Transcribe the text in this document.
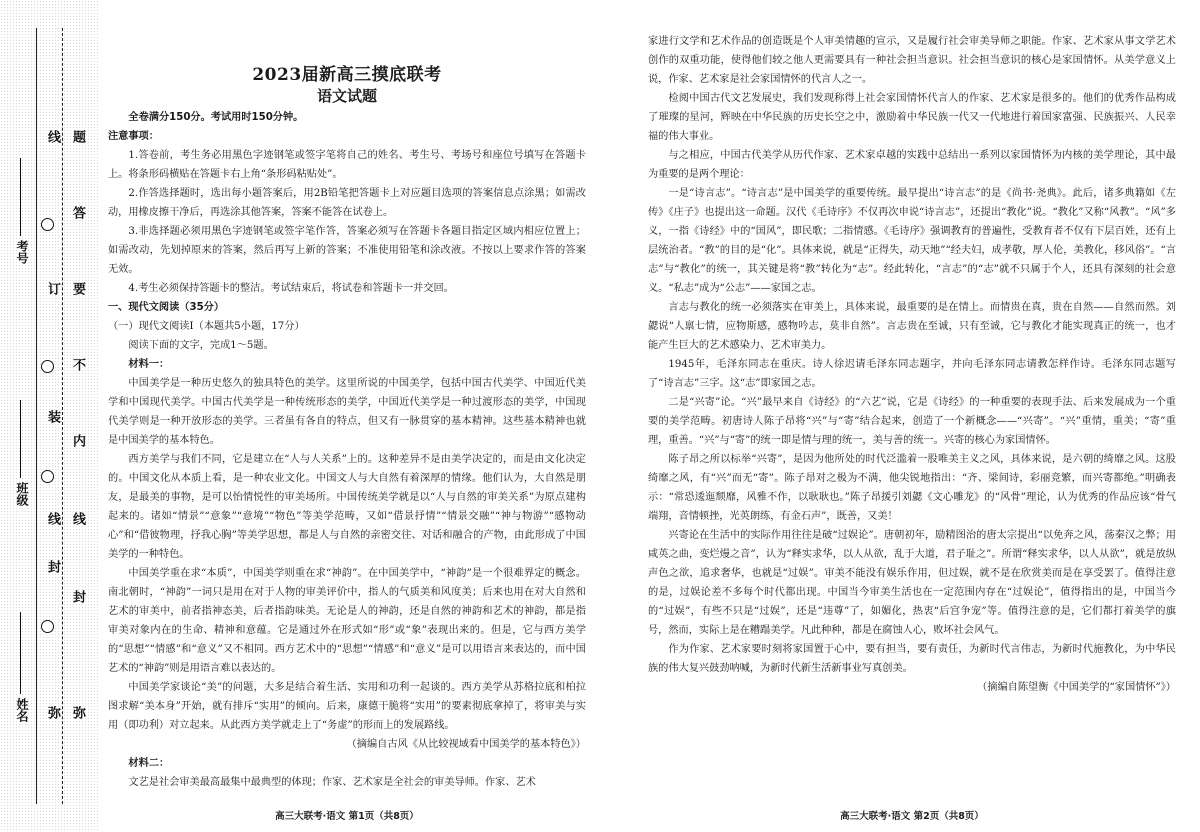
考号
班级
姓名
线
订
装
线
封
弥
题
答
要
不
内
线
封
弥
2023届新高三摸底联考
语文试题

全卷满分150分。考试用时150分钟。

注意事项：

1.答卷前，考生务必用黑色字迹钢笔或签字笔将自己的姓名、考生号、考场号和座位号填写在答题卡上。将条形码横贴在答题卡右上角“条形码粘贴处”。

2.作答选择题时，选出每小题答案后，用2B铅笔把答题卡上对应题目选项的答案信息点涂黑；如需改动，用橡皮擦干净后，再选涂其他答案，答案不能答在试卷上。

3.非选择题必须用黑色字迹钢笔或签字笔作答，答案必须写在答题卡各题目指定区域内相应位置上；如需改动，先划掉原来的答案，然后再写上新的答案；不准使用铅笔和涂改液。不按以上要求作答的答案无效。

4.考生必须保持答题卡的整洁。考试结束后，将试卷和答题卡一并交回。

一、现代文阅读（35分）

（一）现代文阅读Ⅰ（本题共5小题，17分）

阅读下面的文字，完成1～5题。

材料一：

中国美学是一种历史悠久的独具特色的美学。这里所说的中国美学，包括中国古代美学、中国近代美学和中国现代美学。中国古代美学是一种传统形态的美学，中国近代美学是一种过渡形态的美学，中国现代美学则是一种开放形态的美学。三者虽有各自的特点，但又有一脉贯穿的基本精神。这些基本精神也就是中国美学的基本特色。

西方美学与我们不同，它是建立在“人与人关系”上的。这种差异不是由美学决定的，而是由文化决定的。中国文化从本质上看，是一种农业文化。中国文人与大自然有着深厚的情缘。他们认为，大自然是朋友，是最美的事物，是可以怡情悦性的审美场所。中国传统美学就是以“人与自然的审美关系”为原点建构起来的。诸如“情景”“意象”“意境”“物色”等美学范畴，又如“借景抒情”“情景交融”“神与物游”“感物动心”和“借彼物理，抒我心胸”等美学思想，都是人与自然的亲密交往、对话和融合的产物，由此形成了中国美学的一种特色。

中国美学重在求“本质”，中国美学则重在求“神韵”。在中国美学中，“神韵”是一个很难界定的概念。南北朝时，“神韵”一词只是用在对于人物的审美评价中，指人的气质美和风度美；后来也用在对大自然和艺术的审美中，前者指神态美，后者指韵味美。无论是人的神韵，还是自然的神韵和艺术的神韵，都是指审美对象内在的生命、精神和意蕴。它是通过外在形式如“形”或“象”表现出来的。但是，它与西方美学的“思想”“情感”和“意义”又不相同。西方艺术中的“思想”“情感”和“意义”是可以用语言来表达的，而中国艺术的“神韵”则是用语言难以表达的。

中国美学家谈论“美”的问题，大多是结合着生活、实用和功利一起谈的。西方美学从苏格拉底和柏拉图求解“美本身”开始，就有排斥“实用”的倾向。后来，康德干脆将“实用”的要素彻底拿掉了，将审美与实用（即功利）对立起来。从此西方美学就走上了“务虚”的形而上的发展路线。

（摘编自古风《从比较视域看中国美学的基本特色》）

材料二：

文艺是社会审美最高最集中最典型的体现；作家、艺术家是全社会的审美导师。作家、艺术

高三大联考·语文 第1页（共8页）

家进行文学和艺术作品的创造既是个人审美情趣的宣示，又是履行社会审美导师之职能。作家、艺术家从事文学艺术创作的双重功能，使得他们较之他人更需要具有一种社会担当意识。社会担当意识的核心是家国情怀。从美学意义上说，作家、艺术家是社会家国情怀的代言人之一。

检阅中国古代文艺发展史，我们发现称得上社会家国情怀代言人的作家、艺术家是很多的。他们的优秀作品构成了璀璨的星河，辉映在中华民族的历史长空之中，激励着中华民族一代又一代地进行着国家富强、民族振兴、人民幸福的伟大事业。

与之相应，中国古代美学从历代作家、艺术家卓越的实践中总结出一系列以家国情怀为内核的美学理论，其中最为重要的是两个理论：

一是“诗言志”。“诗言志”是中国美学的重要传统。最早提出“诗言志”的是《尚书·尧典》。此后，诸多典籍如《左传》《庄子》也提出这一命题。汉代《毛诗序》不仅再次申说“诗言志”，还提出“教化”说。“教化”又称“风教”。“风”多义，一指《诗经》中的“国风”，即民歌；二指情感。《毛诗序》强调教育的普遍性，受教育者不仅有下层百姓，还有上层统治者。“教”的目的是“化”。具体来说，就是“正得失，动天地”“经夫妇，成孝敬，厚人伦，美教化，移风俗”。“言志”与“教化”的统一，其关键是将“教”转化为“志”。经此转化，“言志”的“志”就不只属于个人，还具有深刻的社会意义。“私志”成为“公志”——家国之志。

言志与教化的统一必须落实在审美上，具体来说，最重要的是在情上。而情贵在真，贵在自然——自然而然。刘勰说“人禀七情，应物斯感，感物吟志，莫非自然”。言志贵在至诚，只有至诚，它与教化才能实现真正的统一，也才能产生巨大的艺术感染力、艺术审美力。

1945年，毛泽东同志在重庆。诗人徐迟请毛泽东同志题字，并向毛泽东同志请教怎样作诗。毛泽东同志题写了“诗言志”三字。这“志”即家国之志。

二是“兴寄”论。“兴”最早来自《诗经》的“六艺”说，它是《诗经》的一种重要的表现手法、后来发展成为一个重要的美学范畴。初唐诗人陈子昂将“兴”与“寄”结合起来，创造了一个新概念——“兴寄”。“兴”重情，重美；“寄”重理，重善。“兴”与“寄”的统一即是情与理的统一，美与善的统一。兴寄的核心为家国情怀。

陈子昂之所以标举“兴寄”，是因为他所处的时代泛滥着一股唯美主义之风，具体来说，是六朝的绮靡之风。这股绮靡之风，有“兴”而无“寄”。陈子昂对之极为不满，他尖锐地指出：“齐、梁间诗，彩丽竞繁，而兴寄都绝。”明确表示：“常恐逶迤颓靡，风雅不作，以耿耿也。”陈子昂援引刘勰《文心雕龙》的“风骨”理论，认为优秀的作品应该“骨气端翔，音情顿挫，光英朗练，有金石声”，既善，又美！

兴寄论在生活中的实际作用往往是破“过娱论”。唐朝初年，励精图治的唐太宗提出“以免奔之风，荡秦汉之弊；用咸英之曲，变烂熳之音”，认为“释实求华，以人从欲，乱于大道，君子耻之”。所谓“释实求华，以人从欲”，就是放纵声色之欲，追求奢华，也就是“过娱”。审美不能没有娱乐作用，但过娱，就不是在欣赏美而是在享受罢了。值得注意的是，过娱论差不多每个时代都出现。中国当今审美生活也在一定范围内存在“过娱论”，值得指出的是，中国当今的“过娱”，有些不只是“过娱”，还是“违尊”了，如媚化，热衷“后宫争宠”等。值得注意的是，它们都打着美学的旗号，然而，实际上是在糟蹋美学。凡此种种，都是在腐蚀人心，败坏社会风气。

作为作家、艺术家要时刻将家国置于心中，要有担当，要有责任，为新时代言伟志，为新时代施教化，为中华民族的伟大复兴鼓劲呐喊，为新时代新生活新事业写真创美。

（摘编自陈望衡《中国美学的“家国情怀”》）

高三大联考·语文 第2页（共8页）
